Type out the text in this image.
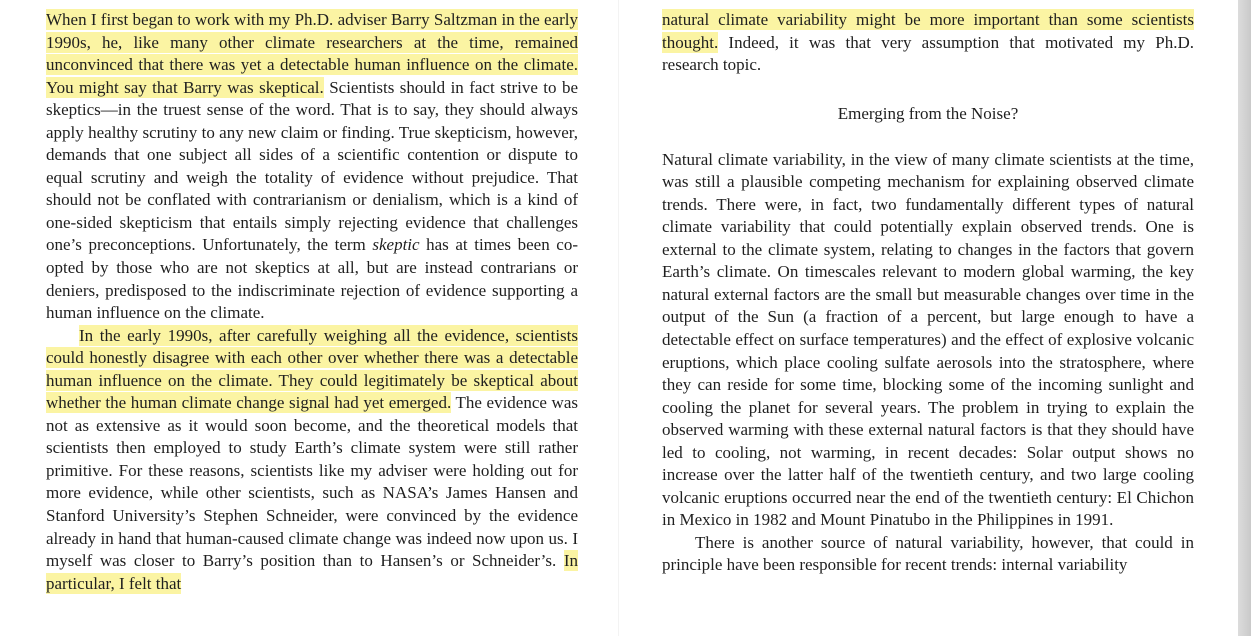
When I first began to work with my Ph.D. adviser Barry Saltzman in the early 1990s, he, like many other climate researchers at the time, remained unconvinced that there was yet a detectable human influence on the climate. You might say that Barry was skeptical. Scientists should in fact strive to be skeptics—in the truest sense of the word. That is to say, they should always apply healthy scrutiny to any new claim or finding. True skepticism, however, demands that one subject all sides of a scientific contention or dispute to equal scrutiny and weigh the totality of evidence without prejudice. That should not be conflated with contrarianism or denialism, which is a kind of one-sided skepticism that entails simply rejecting evidence that challenges one’s preconceptions. Unfortunately, the term skeptic has at times been co-opted by those who are not skeptics at all, but are instead contrarians or deniers, predisposed to the indiscriminate rejection of evidence supporting a human influence on the climate.

In the early 1990s, after carefully weighing all the evidence, scientists could honestly disagree with each other over whether there was a detectable human influence on the climate. They could legitimately be skeptical about whether the human climate change signal had yet emerged. The evidence was not as extensive as it would soon become, and the theoretical models that scientists then employed to study Earth’s climate system were still rather primitive. For these reasons, scientists like my adviser were holding out for more evidence, while other scientists, such as NASA’s James Hansen and Stanford University’s Stephen Schneider, were convinced by the evidence already in hand that human-caused climate change was indeed now upon us. I myself was closer to Barry’s position than to Hansen’s or Schneider’s. In particular, I felt that

natural climate variability might be more important than some scientists thought. Indeed, it was that very assumption that motivated my Ph.D. research topic.

Emerging from the Noise?

Natural climate variability, in the view of many climate scientists at the time, was still a plausible competing mechanism for explaining observed climate trends. There were, in fact, two fundamentally different types of natural climate variability that could potentially explain observed trends. One is external to the climate system, relating to changes in the factors that govern Earth’s climate. On timescales relevant to modern global warming, the key natural external factors are the small but measurable changes over time in the output of the Sun (a fraction of a percent, but large enough to have a detectable effect on surface temperatures) and the effect of explosive volcanic eruptions, which place cooling sulfate aerosols into the stratosphere, where they can reside for some time, blocking some of the incoming sunlight and cooling the planet for several years. The problem in trying to explain the observed warming with these external natural factors is that they should have led to cooling, not warming, in recent decades: Solar output shows no increase over the latter half of the twentieth century, and two large cooling volcanic eruptions occurred near the end of the twentieth century: El Chichon in Mexico in 1982 and Mount Pinatubo in the Philippines in 1991.

There is another source of natural variability, however, that could in principle have been responsible for recent trends: internal variability
